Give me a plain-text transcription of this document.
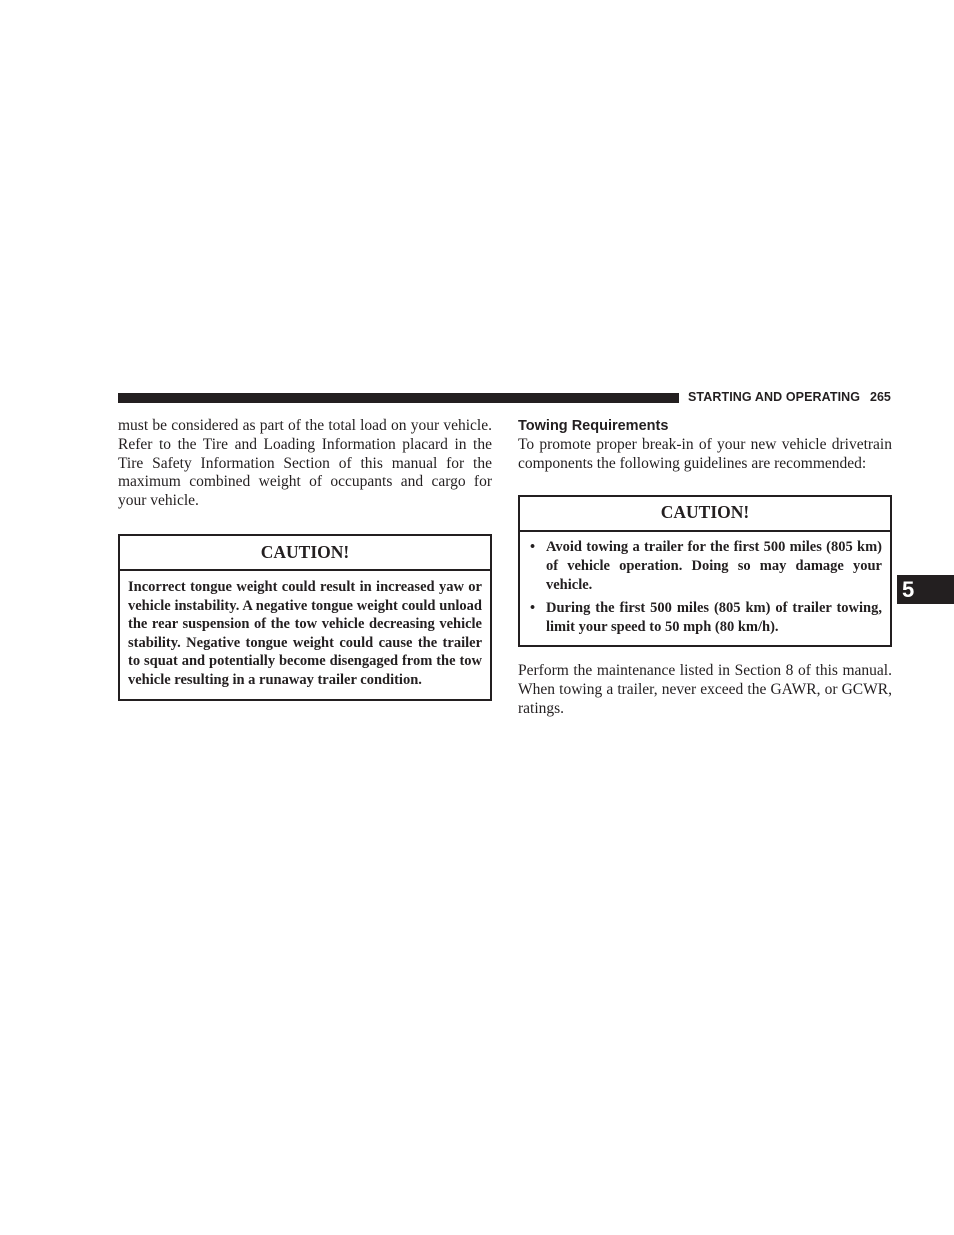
STARTING AND OPERATING 265

must be considered as part of the total load on your vehicle. Refer to the Tire and Loading Information placard in the Tire Safety Information Section of this manual for the maximum combined weight of occupants and cargo for your vehicle.

CAUTION!

Incorrect tongue weight could result in increased yaw or vehicle instability. A negative tongue weight could unload the rear suspension of the tow vehicle decreasing vehicle stability. Negative tongue weight could cause the trailer to squat and potentially become disengaged from the tow vehicle resulting in a runaway trailer condition.

Towing Requirements

To promote proper break-in of your new vehicle drivetrain components the following guidelines are recommended:

CAUTION!
• Avoid towing a trailer for the first 500 miles (805 km) of vehicle operation. Doing so may damage your vehicle.
• During the first 500 miles (805 km) of trailer towing, limit your speed to 50 mph (80 km/h).

Perform the maintenance listed in Section 8 of this manual. When towing a trailer, never exceed the GAWR, or GCWR, ratings.

5
